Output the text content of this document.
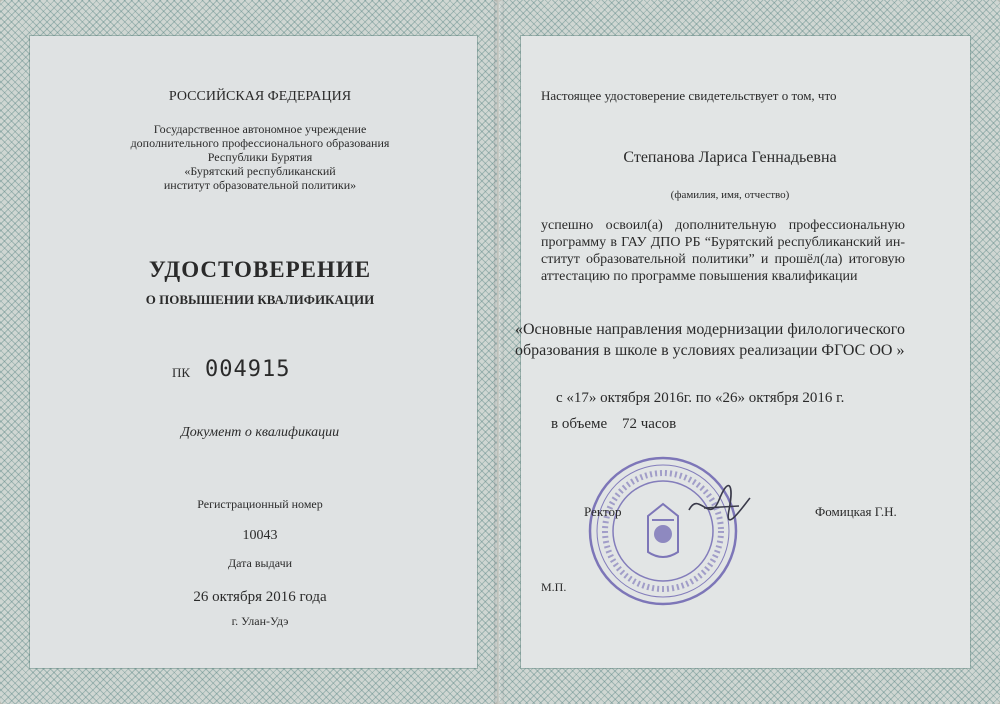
РОССИЙСКАЯ ФЕДЕРАЦИЯ
Государственное автономное учреждение
дополнительного профессионального образования
Республики Бурятия
«Бурятский республиканский
институт образовательной политики»
УДОСТОВЕРЕНИЕ
О ПОВЫШЕНИИ КВАЛИФИКАЦИИ
ПК 004915
Документ о квалификации
Регистрационный номер
10043
Дата выдачи
26 октября 2016 года
г. Улан-Удэ
Настоящее удостоверение свидетельствует о том, что
Степанова Лариса Геннадьевна
(фамилия, имя, отчество)

успешно освоил(а) дополнительную профессиональную

программу в ГАУ ДПО РБ “Бурятский республиканский ин-

ститут образовательной политики” и прошёл(ла) итоговую

аттестацию по программе повышения квалификации

«Основные направления модернизации филологического
образования в школе в условиях реализации ФГОС ОО »
с «17» октября 2016г. по «26» октября 2016 г.
в объеме 72 часов
Ректор	Фомицкая Г.Н.
М.П.
